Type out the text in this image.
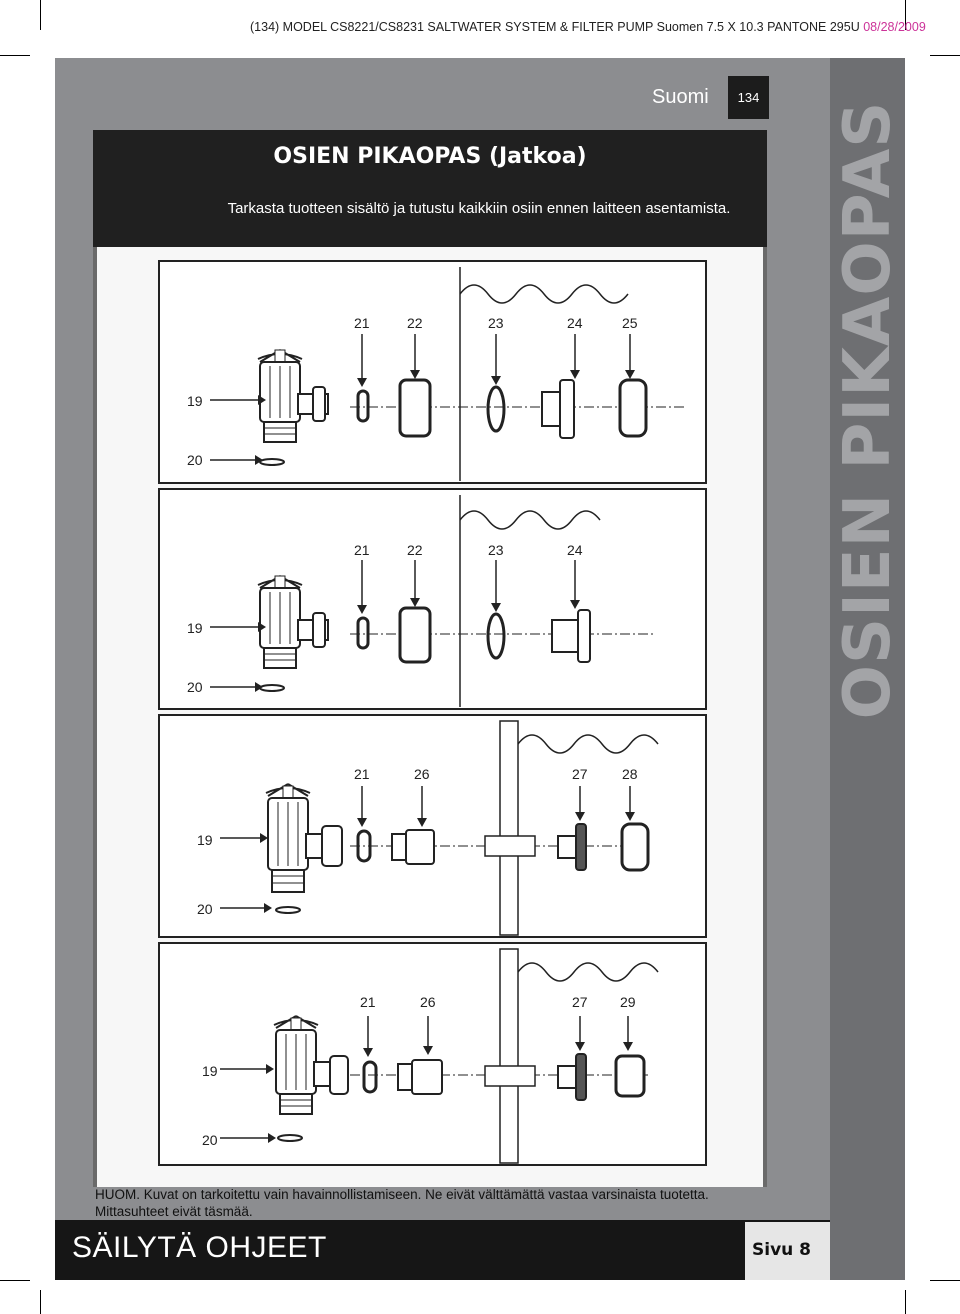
(134) MODEL CS8221/CS8231 SALTWATER SYSTEM & FILTER PUMP Suomen 7.5 X 10.3 PANTONE 295U 08/28/2009
OSIEN PIKAOPAS
Suomi	134
OSIEN PIKAOPAS (Jatkoa)
Tarkasta tuotteen sisältö ja tutustu kaikkiin osiin ennen laitteen asentamista.
19
20
21	22	23	24	25
19
20
21	22	23	24
19
20
21	26	27 28
19
20
21	26	27 29
HUOM. Kuvat on tarkoitettu vain havainnollistamiseen. Ne eivät välttämättä vastaa varsinaista tuotetta. Mittasuhteet eivät täsmää.
SÄILYTÄ OHJEET	Sivu 8
